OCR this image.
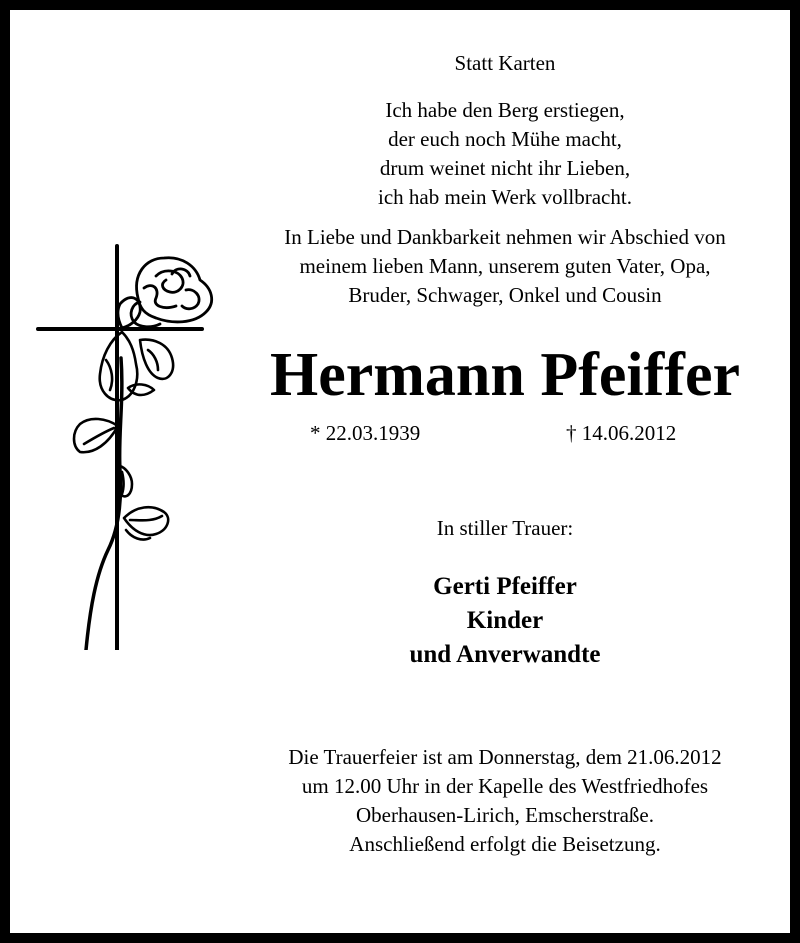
Statt Karten
Ich habe den Berg erstiegen,
der euch noch Mühe macht,
drum weinet nicht ihr Lieben,
ich hab mein Werk vollbracht.
In Liebe und Dankbarkeit nehmen wir Abschied von
meinem lieben Mann, unserem guten Vater, Opa,
Bruder, Schwager, Onkel und Cousin
Hermann Pfeiffer
* 22.03.1939	† 14.06.2012
In stiller Trauer:
Gerti Pfeiffer
Kinder
und Anverwandte
Die Trauerfeier ist am Donnerstag, dem 21.06.2012
um 12.00 Uhr in der Kapelle des Westfriedhofes
Oberhausen-Lirich, Emscherstraße.
Anschließend erfolgt die Beisetzung.
